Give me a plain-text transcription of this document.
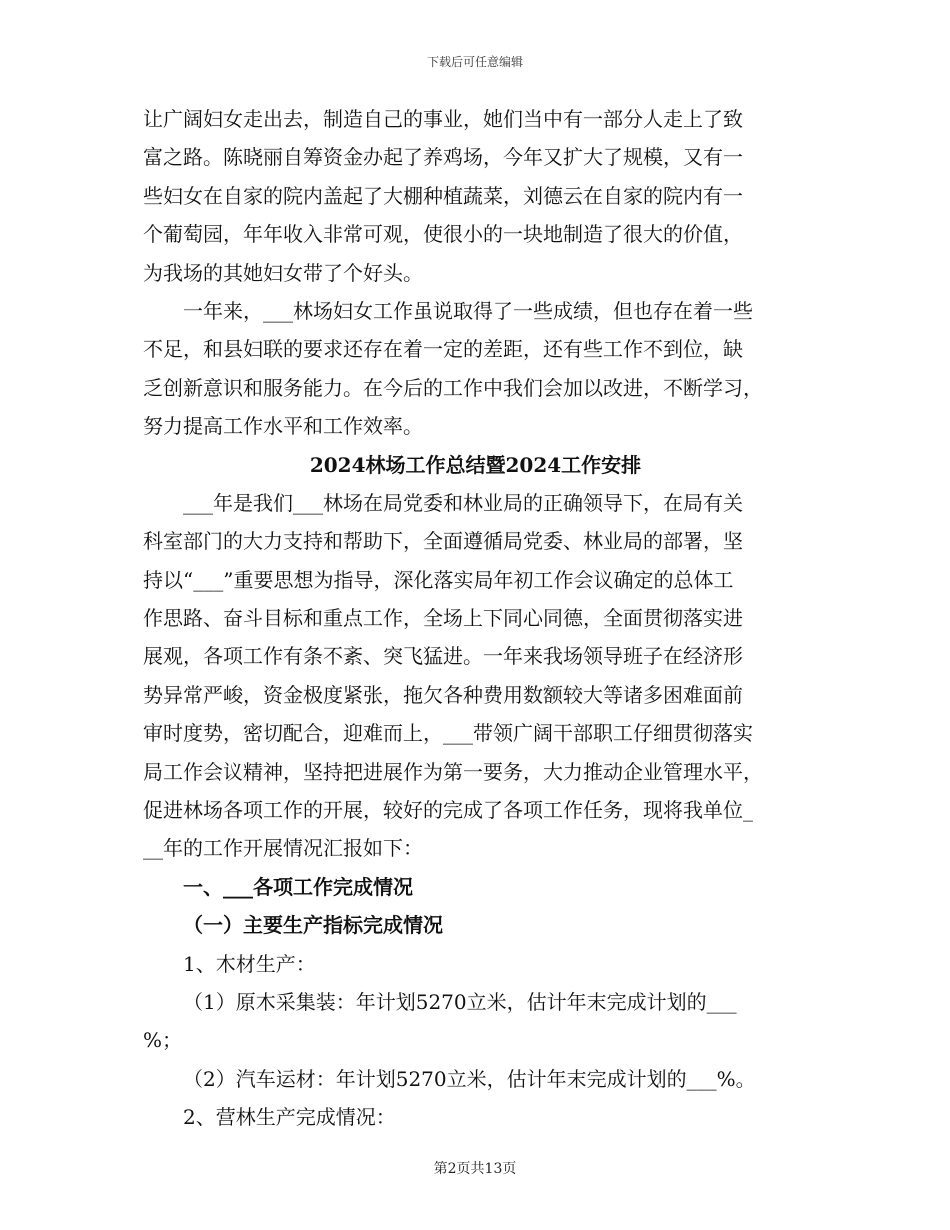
下载后可任意编辑
让广阔妇女走出去，制造自己的事业，她们当中有一部分人走上了致
富之路。陈晓丽自筹资金办起了养鸡场，今年又扩大了规模，又有一
些妇女在自家的院内盖起了大棚种植蔬菜，刘德云在自家的院内有一
个葡萄园，年年收入非常可观，使很小的一块地制造了很大的价值，
为我场的其她妇女带了个好头。
一年来，___林场妇女工作虽说取得了一些成绩，但也存在着一些
不足，和县妇联的要求还存在着一定的差距，还有些工作不到位，缺
乏创新意识和服务能力。在今后的工作中我们会加以改进，不断学习，
努力提高工作水平和工作效率。
2024林场工作总结暨2024工作安排
___年是我们___林场在局党委和林业局的正确领导下，在局有关
科室部门的大力支持和帮助下，全面遵循局党委、林业局的部署，坚
持以“___”重要思想为指导，深化落实局年初工作会议确定的总体工
作思路、奋斗目标和重点工作，全场上下同心同德，全面贯彻落实进
展观，各项工作有条不紊、突飞猛进。一年来我场领导班子在经济形
势异常严峻，资金极度紧张，拖欠各种费用数额较大等诸多困难面前
审时度势，密切配合，迎难而上，___带领广阔干部职工仔细贯彻落实
局工作会议精神，坚持把进展作为第一要务，大力推动企业管理水平，
促进林场各项工作的开展，较好的完成了各项工作任务，现将我单位_
__年的工作开展情况汇报如下：
一、___各项工作完成情况
（一）主要生产指标完成情况
1、木材生产：
（1）原木采集装：年计划5270立米，估计年末完成计划的___
%；
（2）汽车运材：年计划5270立米，估计年末完成计划的___%。
2、营林生产完成情况：
第2页共13页
